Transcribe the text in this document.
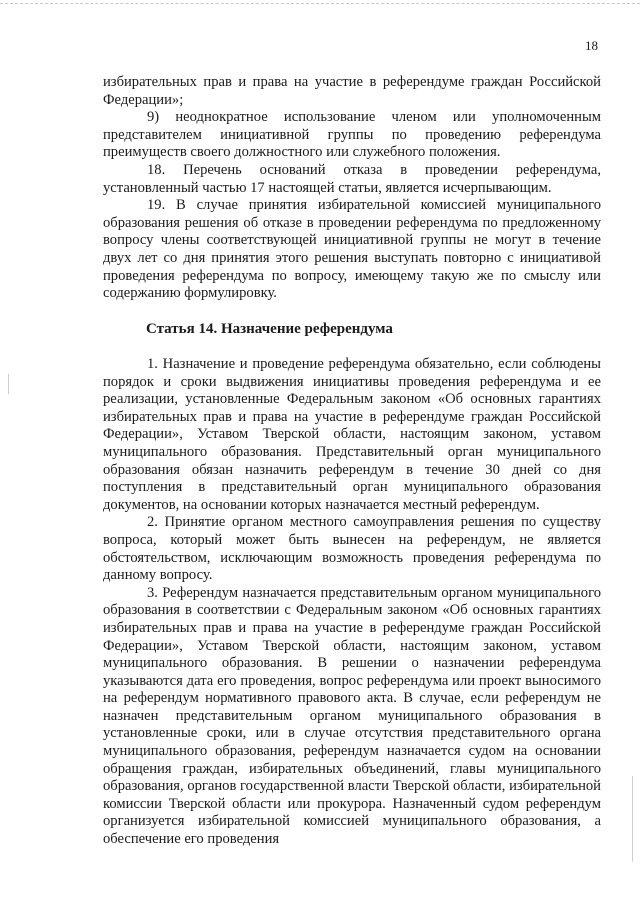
18

избирательных прав и права на участие в референдуме граждан Российской Федерации»;

9) неоднократное использование членом или уполномоченным представителем инициативной группы по проведению референдума преимуществ своего должностного или служебного положения.

18. Перечень оснований отказа в проведении референдума, установленный частью 17 настоящей статьи, является исчерпывающим.

19. В случае принятия избирательной комиссией муниципального образования решения об отказе в проведении референдума по предложенному вопросу члены соответствующей инициативной группы не могут в течение двух лет со дня принятия этого решения выступать повторно с инициативой проведения референдума по вопросу, имеющему такую же по смыслу или содержанию формулировку.

Статья 14. Назначение референдума

1. Назначение и проведение референдума обязательно, если соблюдены порядок и сроки выдвижения инициативы проведения референдума и ее реализации, установленные Федеральным законом «Об основных гарантиях избирательных прав и права на участие в референдуме граждан Российской Федерации», Уставом Тверской области, настоящим законом, уставом муниципального образования. Представительный орган муниципального образования обязан назначить референдум в течение 30 дней со дня поступления в представительный орган муниципального образования документов, на основании которых назначается местный референдум.

2. Принятие органом местного самоуправления решения по существу вопроса, который может быть вынесен на референдум, не является обстоятельством, исключающим возможность проведения референдума по данному вопросу.

3. Референдум назначается представительным органом муниципального образования в соответствии с Федеральным законом «Об основных гарантиях избирательных прав и права на участие в референдуме граждан Российской Федерации», Уставом Тверской области, настоящим законом, уставом муниципального образования. В решении о назначении референдума указываются дата его проведения, вопрос референдума или проект выносимого на референдум нормативного правового акта. В случае, если референдум не назначен представительным органом муниципального образования в установленные сроки, или в случае отсутствия представительного органа муниципального образования, референдум назначается судом на основании обращения граждан, избирательных объединений, главы муниципального образования, органов государственной власти Тверской области, избирательной комиссии Тверской области или прокурора. Назначенный судом референдум организуется избирательной комиссией муниципального образования, а обеспечение его проведения
